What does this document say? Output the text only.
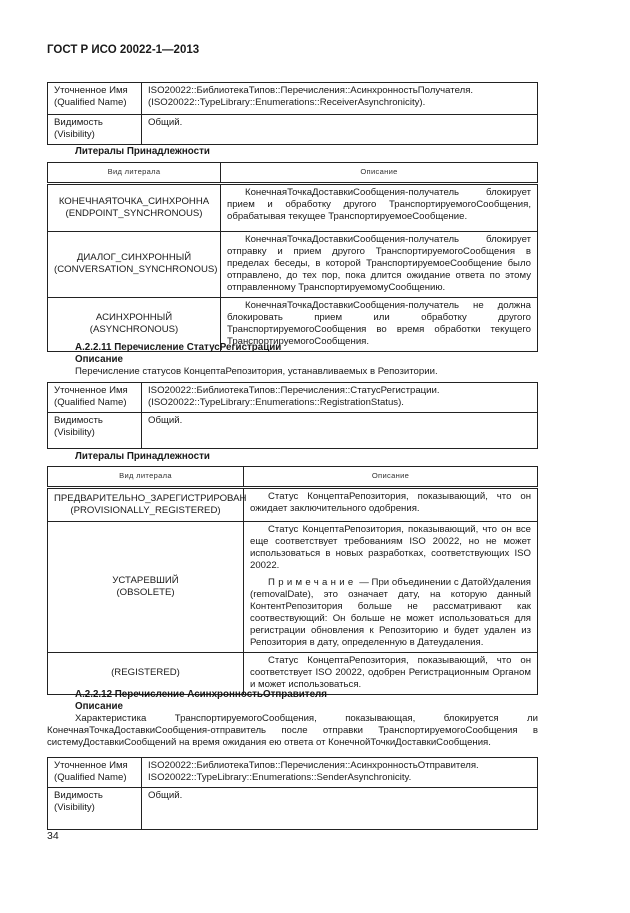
ГОСТ Р ИСО 20022-1—2013
Уточненное Имя (Qualified Name)	ISO20022::БиблиотекаТипов::Перечисления::АсинхронностьПолучателя.
(ISO20022::TypeLibrary::Enumerations::ReceiverAsynchronicity).
Видимость (Visibility)	Общий.
Литералы Принадлежности
Вид литерала	Описание
КОНЕЧНАЯТОЧКА_СИНХРОННА
(ENDPOINT_SYNCHRONOUS)	КонечнаяТочкаДоставкиСообщения-получатель блокирует прием и обработку другого ТранспортируемогоСообщения, обрабатывая текущее ТранспортируемоеСообщение.

ДИАЛОГ_СИНХРОННЫЙ
(CONVERSATION_SYNCHRONOUS)	КонечнаяТочкаДоставкиСообщения-получатель блокирует отправку и прием другого ТранспортируемогоСообщения в пределах беседы, в которой ТранспортируемоеСообщение было отправлено, до тех пор, пока длится ожидание ответа по этому отправленному ТранспортируемомуСообщению.

АСИНХРОННЫЙ
(ASYNCHRONOUS)	КонечнаяТочкаДоставкиСообщения-получатель не должна блокировать прием или обработку другого ТранспортируемогоСообщения во время обработки текущего ТранспортируемогоСообщения.
А.2.2.11 Перечисление СтатусРегистрации
Описание
Перечисление статусов КонцептаРепозитория, устанавливаемых в Репозитории.
Уточненное Имя (Qualified Name)	ISO20022::БиблиотекаТипов::Перечисления::СтатусРегистрации.
(ISO20022::TypeLibrary::Enumerations::RegistrationStatus).
Видимость (Visibility)	Общий.
Литералы Принадлежности
Вид литерала	Описание
ПРЕДВАРИТЕЛЬНО_ЗАРЕГИСТРИРОВАН
(PROVISIONALLY_REGISTERED)	Статус КонцептаРепозитория, показывающий, что он ожидает заключительного одобрения.

УСТАРЕВШИЙ
(OBSOLETE)	Статус КонцептаРепозитория, показывающий, что он все еще соответствует требованиям ISO 20022, но не может использоваться в новых разработках, соответствующих ISO 20022.
Примечание — При объединении с ДатойУдаления (removalDate), это означает дату, на которую данный КонтентРепозитория больше не рассматривают как соотвествующий: Он больше не может использоваться для регистрации обновления к Репозиторию и будет удален из Репозитория в дату, определенную в Датеудаления.

(REGISTERED)	Статус КонцептаРепозитория, показывающий, что он соответствует ISO 20022, одобрен Регистрационным Органом и может использоваться.
А.2.2.12 Перечисление АсинхронностьОтправителя
Описание
Характеристика ТранспортируемогоСообщения, показывающая, блокируется ли КонечнаяТочкаДоставкиСообщения-отправитель после отправки ТранспортируемогоСообщения в системуДоставкиСообщений на время ожидания ею ответа от КонечнойТочкиДоставкиСообщения.
Уточненное Имя (Qualified Name)	ISO20022::БиблиотекаТипов::Перечисления::АсинхронностьОтправителя.
ISO20022::TypeLibrary::Enumerations::SenderAsynchronicity.
Видимость (Visibility)	Общий.
34
